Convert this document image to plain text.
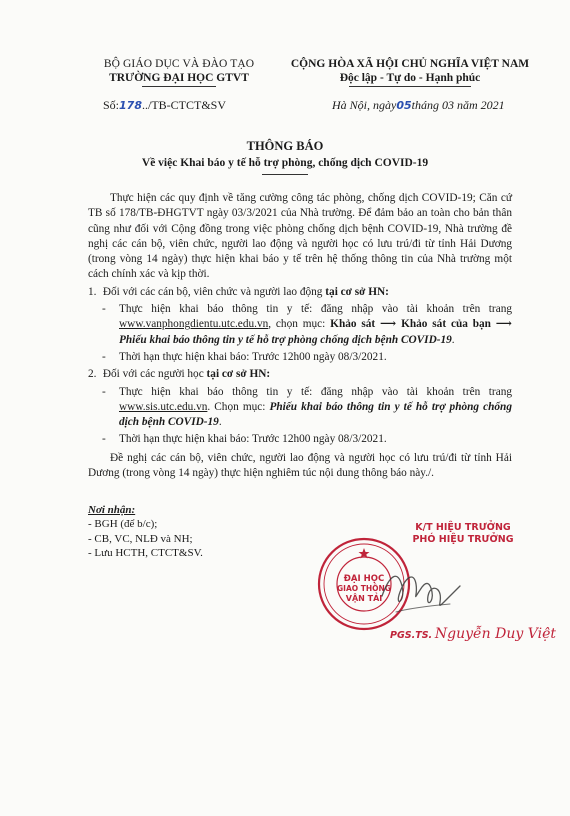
BỘ GIÁO DỤC VÀ ĐÀO TẠO
TRƯỜNG ĐẠI HỌC GTVT
CỘNG HÒA XÃ HỘI CHỦ NGHĨA VIỆT NAM
Độc lập - Tự do - Hạnh phúc
Số:178../TB-CTCT&SV	Hà Nội, ngày05tháng 03 năm 2021
THÔNG BÁO
Về việc Khai báo y tế hỗ trợ phòng, chống dịch COVID-19

Thực hiện các quy định về tăng cường công tác phòng, chống dịch COVID-19; Căn cứ TB số 178/TB-ĐHGTVT ngày 03/3/2021 của Nhà trường. Để đảm bảo an toàn cho bản thân cũng như đối với Cộng đồng trong việc phòng chống dịch bệnh COVID-19, Nhà trường đề nghị các cán bộ, viên chức, người lao động và người học có lưu trú/đi từ tỉnh Hải Dương (trong vòng 14 ngày) thực hiện khai báo y tế trên hệ thống thông tin của Nhà trường một cách chính xác và kịp thời.

1. Đối với các cán bộ, viên chức và người lao động tại cơ sở HN:
- Thực hiện khai báo thông tin y tế: đăng nhập vào tài khoản trên trang www.vanphongdientu.utc.edu.vn, chọn mục: Khảo sát ⟶ Khảo sát của bạn ⟶ Phiếu khai báo thông tin y tế hỗ trợ phòng chống dịch bệnh COVID-19.
- Thời hạn thực hiện khai báo: Trước 12h00 ngày 08/3/2021.
2. Đối với các người học tại cơ sở HN:
- Thực hiện khai báo thông tin y tế: đăng nhập vào tài khoản trên trang www.sis.utc.edu.vn. Chọn mục: Phiếu khai báo thông tin y tế hỗ trợ phòng chống dịch bệnh COVID-19.
- Thời hạn thực hiện khai báo: Trước 12h00 ngày 08/3/2021.

Đề nghị các cán bộ, viên chức, người lao động và người học có lưu trú/đi từ tỉnh Hải Dương (trong vòng 14 ngày) thực hiện nghiêm túc nội dung thông báo này./.

Nơi nhận:
- BGH (để b/c);
- CB, VC, NLĐ và NH;
- Lưu HCTH, CTCT&SV.
K/T HIỆU TRƯỞNG
PHÓ HIỆU TRƯỞNG
ĐẠI HỌC
GIAO THÔNG
VẬN TẢI
PGS.TS. Nguyễn Duy Việt
